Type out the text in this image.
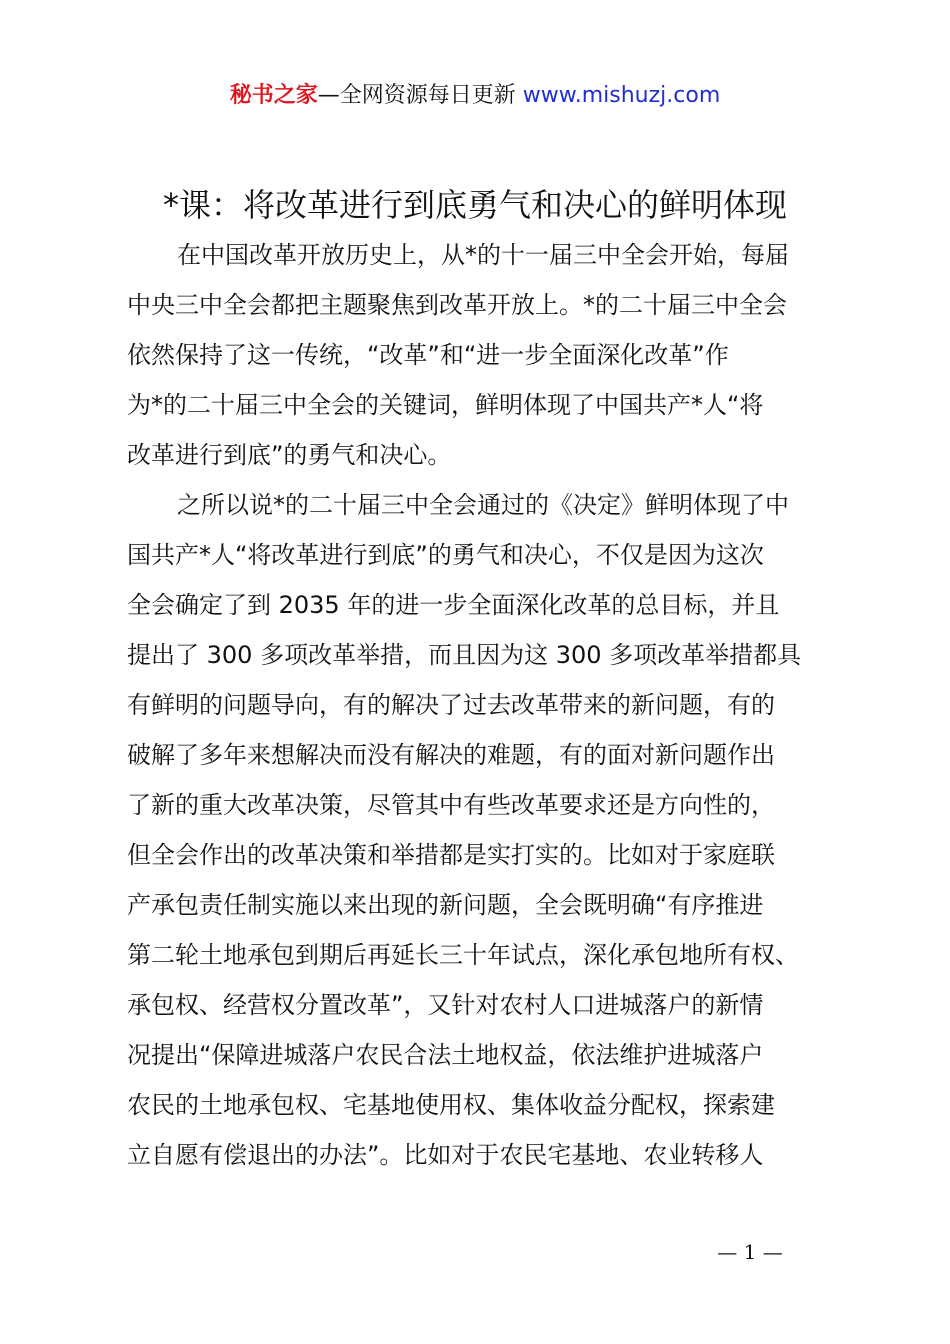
秘书之家—全网资源每日更新 www.mishuzj.com
*课：将改革进行到底勇气和决心的鲜明体现
在中国改革开放历史上，从*的十一届三中全会开始，每届
中央三中全会都把主题聚焦到改革开放上。*的二十届三中全会
依然保持了这一传统，“改革”和“进一步全面深化改革”作
为*的二十届三中全会的关键词，鲜明体现了中国共产*人“将
改革进行到底”的勇气和决心。
之所以说*的二十届三中全会通过的《决定》鲜明体现了中
国共产*人“将改革进行到底”的勇气和决心，不仅是因为这次
全会确定了到 2035 年的进一步全面深化改革的总目标，并且
提出了 300 多项改革举措，而且因为这 300 多项改革举措都具
有鲜明的问题导向，有的解决了过去改革带来的新问题，有的
破解了多年来想解决而没有解决的难题，有的面对新问题作出
了新的重大改革决策，尽管其中有些改革要求还是方向性的，
但全会作出的改革决策和举措都是实打实的。比如对于家庭联
产承包责任制实施以来出现的新问题，全会既明确“有序推进
第二轮土地承包到期后再延长三十年试点，深化承包地所有权、
承包权、经营权分置改革”，又针对农村人口进城落户的新情
况提出“保障进城落户农民合法土地权益，依法维护进城落户
农民的土地承包权、宅基地使用权、集体收益分配权，探索建
立自愿有偿退出的办法”。比如对于农民宅基地、农业转移人
— 1 —
